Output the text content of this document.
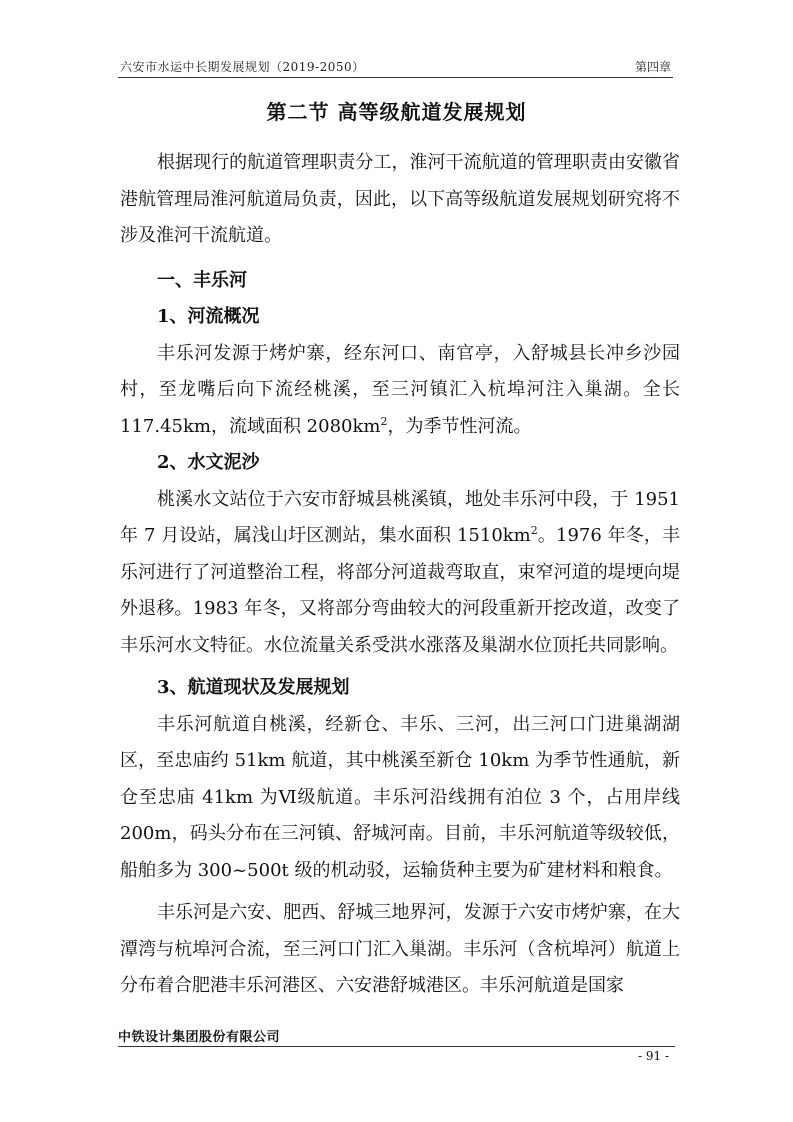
六安市水运中长期发展规划（2019-2050）	第四章
第二节 高等级航道发展规划

根据现行的航道管理职责分工，淮河干流航道的管理职责由安徽省港航管理局淮河航道局负责，因此，以下高等级航道发展规划研究将不涉及淮河干流航道。

一、丰乐河

1、河流概况

丰乐河发源于烤炉寨，经东河口、南官亭，入舒城县长冲乡沙园村，至龙嘴后向下流经桃溪，至三河镇汇入杭埠河注入巢湖。全长117.45km，流域面积 $2080km^2$，为季节性河流。

2、水文泥沙

桃溪水文站位于六安市舒城县桃溪镇，地处丰乐河中段，于 1951 年 7 月设站，属浅山圩区测站，集水面积 $1510km^2$。1976 年冬，丰乐河进行了河道整治工程，将部分河道裁弯取直，束窄河道的堤埂向堤外退移。1983 年冬，又将部分弯曲较大的河段重新开挖改道，改变了丰乐河水文特征。水位流量关系受洪水涨落及巢湖水位顶托共同影响。

3、航道现状及发展规划

丰乐河航道自桃溪，经新仓、丰乐、三河，出三河口门进巢湖湖区，至忠庙约 51km 航道，其中桃溪至新仓 10km 为季节性通航，新仓至忠庙 41km 为Ⅵ级航道。丰乐河沿线拥有泊位 3 个，占用岸线 200m，码头分布在三河镇、舒城河南。目前，丰乐河航道等级较低，船舶多为 300~500t 级的机动驳，运输货种主要为矿建材料和粮食。

丰乐河是六安、肥西、舒城三地界河，发源于六安市烤炉寨，在大潭湾与杭埠河合流，至三河口门汇入巢湖。丰乐河（含杭埠河）航道上分布着合肥港丰乐河港区、六安港舒城港区。丰乐河航道是国家

中铁设计集团股份有限公司
- 91 -
